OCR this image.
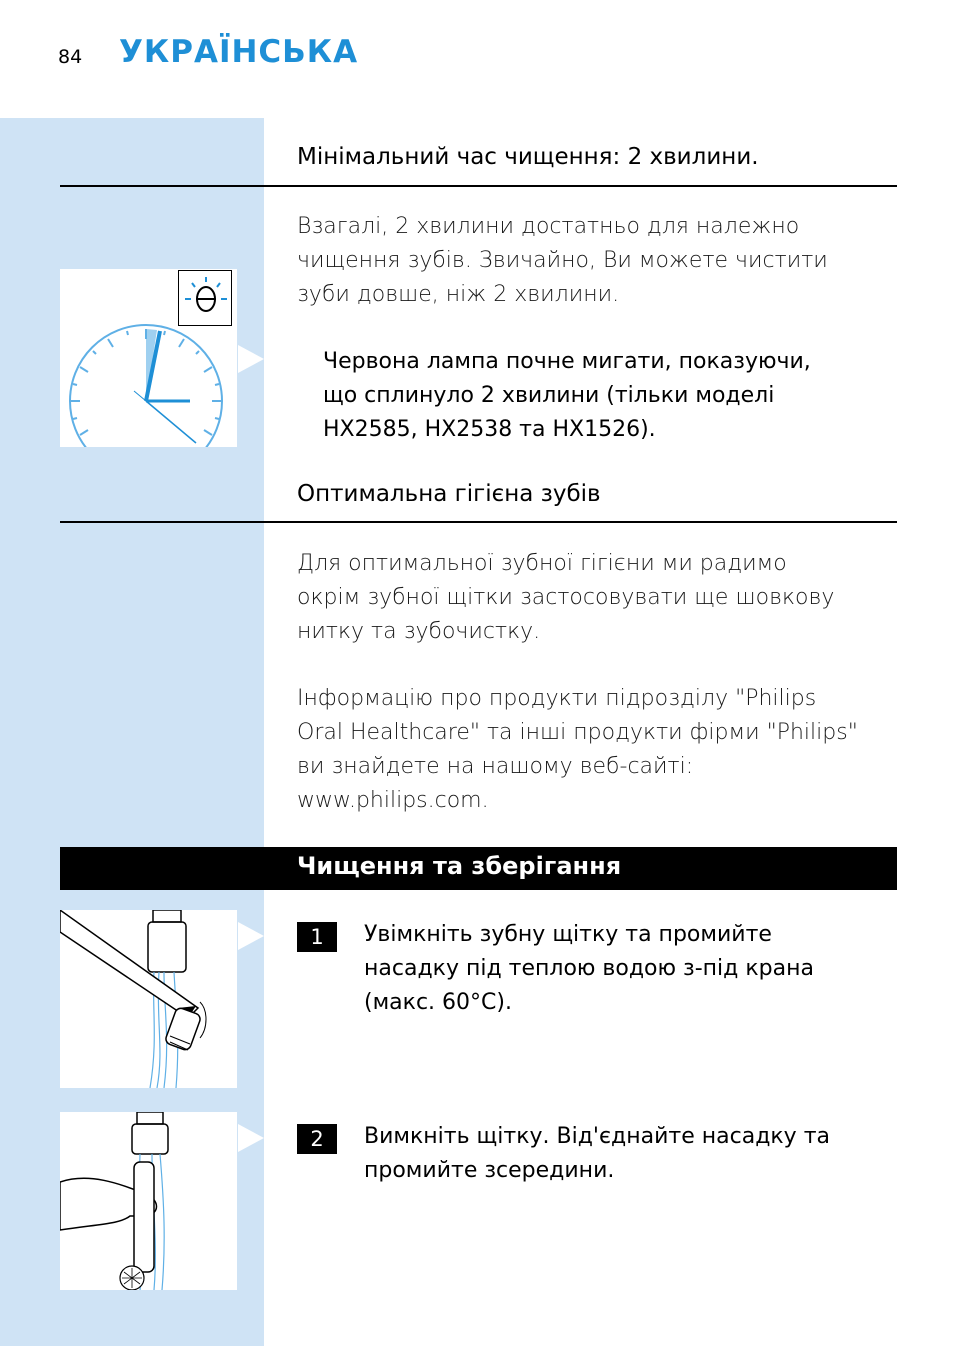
84 УКРАЇНСЬКА
Мінімальний час чищення: 2 хвилини.
Взагалі, 2 хвилини достатньо для належно
чищення зубів. Звичайно, Ви можете чистити
зуби довше, ніж 2 хвилини.
Червона лампа почне мигати, показуючи,
що сплинуло 2 хвилини (тільки моделі
HX2585, HX2538 та HX1526).
Оптимальна гігієна зубів
Для оптимальної зубної гігієни ми радимо
окрім зубної щітки застосовувати ще шовкову
нитку та зубочистку.
Інформацію про продукти підрозділу "Philips
Oral Healthcare" та інші продукти фірми "Philips"
ви знайдете на нашому веб-сайті:
www.philips.com.
Чищення та зберігання
1	Увімкніть зубну щітку та промийте
насадку під теплою водою з-під крана
(макс. 60°C).
2	Вимкніть щітку. Від'єднайте насадку та
промийте зсередини.
